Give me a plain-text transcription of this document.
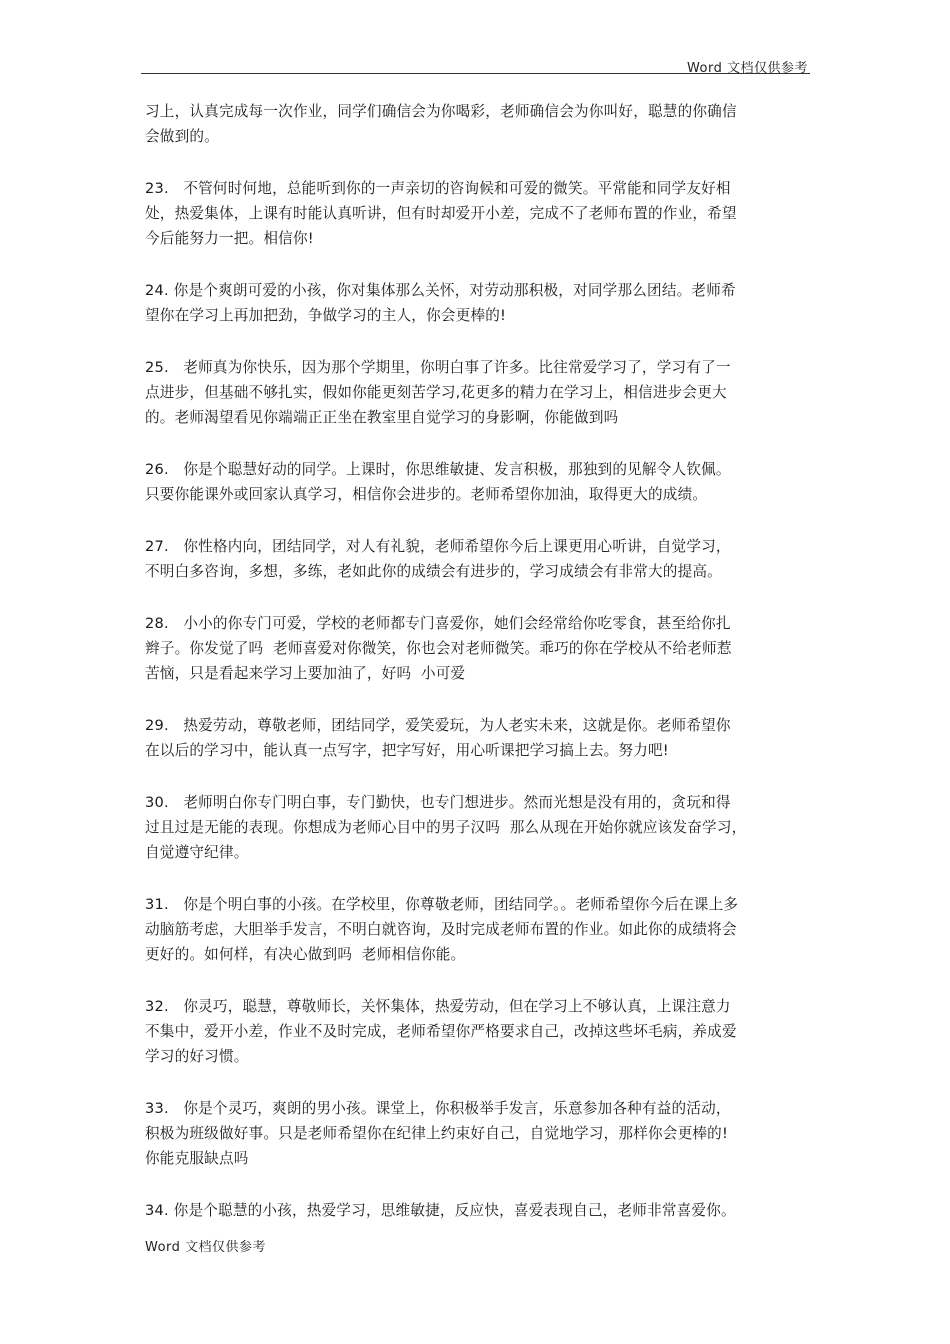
Word 文档仅供参考
习上，认真完成每一次作业，同学们确信会为你喝彩，老师确信会为你叫好，聪慧的你确信
会做到的。
23.   不管何时何地，总能听到你的一声亲切的咨询候和可爱的微笑。平常能和同学友好相
处，热爱集体，上课有时能认真听讲，但有时却爱开小差，完成不了老师布置的作业，希望
今后能努力一把。相信你!
24. 你是个爽朗可爱的小孩，你对集体那么关怀，对劳动那积极，对同学那么团结。老师希
望你在学习上再加把劲，争做学习的主人，你会更棒的!
25.   老师真为你快乐，因为那个学期里，你明白事了许多。比往常爱学习了，学习有了一
点进步，但基础不够扎实，假如你能更刻苦学习,花更多的精力在学习上，相信进步会更大
的。老师渴望看见你端端正正坐在教室里自觉学习的身影啊，你能做到吗
26.   你是个聪慧好动的同学。上课时，你思维敏捷、发言积极，那独到的见解令人钦佩。
只要你能课外或回家认真学习，相信你会进步的。老师希望你加油，取得更大的成绩。
27.   你性格内向，团结同学，对人有礼貌，老师希望你今后上课更用心听讲，自觉学习，
不明白多咨询，多想，多练，老如此你的成绩会有进步的，学习成绩会有非常大的提高。
28.   小小的你专门可爱，学校的老师都专门喜爱你，她们会经常给你吃零食，甚至给你扎
辫子。你发觉了吗  老师喜爱对你微笑，你也会对老师微笑。乖巧的你在学校从不给老师惹
苦恼，只是看起来学习上要加油了，好吗  小可爱
29.   热爱劳动，尊敬老师，团结同学，爱笑爱玩，为人老实未来，这就是你。老师希望你
在以后的学习中，能认真一点写字，把字写好，用心听课把学习搞上去。努力吧!
30.   老师明白你专门明白事，专门勤快，也专门想进步。然而光想是没有用的，贪玩和得
过且过是无能的表现。你想成为老师心目中的男子汉吗  那么从现在开始你就应该发奋学习，
自觉遵守纪律。
31.   你是个明白事的小孩。在学校里，你尊敬老师，团结同学。。老师希望你今后在课上多
动脑筋考虑，大胆举手发言，不明白就咨询，及时完成老师布置的作业。如此你的成绩将会
更好的。如何样，有决心做到吗  老师相信你能。
32.   你灵巧，聪慧，尊敬师长，关怀集体，热爱劳动，但在学习上不够认真，上课注意力
不集中，爱开小差，作业不及时完成，老师希望你严格要求自己，改掉这些坏毛病，养成爱
学习的好习惯。
33.   你是个灵巧，爽朗的男小孩。课堂上，你积极举手发言，乐意参加各种有益的活动，
积极为班级做好事。只是老师希望你在纪律上约束好自己，自觉地学习，那样你会更棒的!
你能克服缺点吗
34. 你是个聪慧的小孩，热爱学习，思维敏捷，反应快，喜爱表现自己，老师非常喜爱你。
Word 文档仅供参考
